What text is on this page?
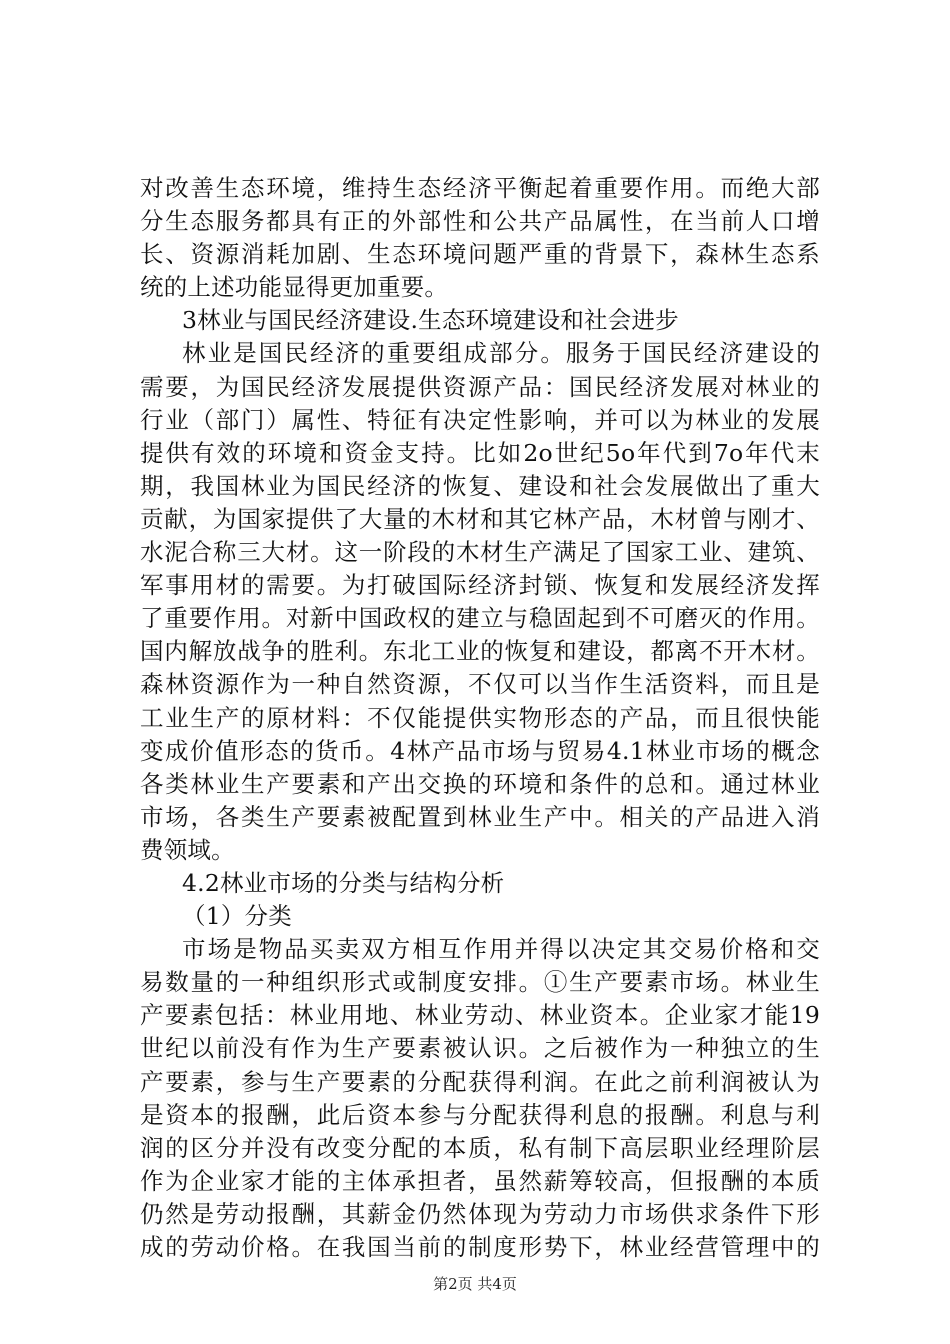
对改善生态环境，维持生态经济平衡起着重要作用。而绝大部
分生态服务都具有正的外部性和公共产品属性，在当前人口增
长、资源消耗加剧、生态环境问题严重的背景下，森林生态系
统的上述功能显得更加重要。
3林业与国民经济建设.生态环境建设和社会进步
林业是国民经济的重要组成部分。服务于国民经济建设的
需要，为国民经济发展提供资源产品：国民经济发展对林业的
行业（部门）属性、特征有决定性影响，并可以为林业的发展
提供有效的环境和资金支持。比如2o世纪5o年代到7o年代末
期，我国林业为国民经济的恢复、建设和社会发展做出了重大
贡献，为国家提供了大量的木材和其它林产品，木材曾与刚才、
水泥合称三大材。这一阶段的木材生产满足了国家工业、建筑、
军事用材的需要。为打破国际经济封锁、恢复和发展经济发挥
了重要作用。对新中国政权的建立与稳固起到不可磨灭的作用。
国内解放战争的胜利。东北工业的恢复和建设，都离不开木材。
森林资源作为一种自然资源，不仅可以当作生活资料，而且是
工业生产的原材料：不仅能提供实物形态的产品，而且很快能
变成价值形态的货币。4林产品市场与贸易4.1林业市场的概念
各类林业生产要素和产出交换的环境和条件的总和。通过林业
市场，各类生产要素被配置到林业生产中。相关的产品进入消
费领域。
4.2林业市场的分类与结构分析
（1）分类
市场是物品买卖双方相互作用并得以决定其交易价格和交
易数量的一种组织形式或制度安排。①生产要素市场。林业生
产要素包括：林业用地、林业劳动、林业资本。企业家才能19
世纪以前没有作为生产要素被认识。之后被作为一种独立的生
产要素，参与生产要素的分配获得利润。在此之前利润被认为
是资本的报酬，此后资本参与分配获得利息的报酬。利息与利
润的区分并没有改变分配的本质，私有制下高层职业经理阶层
作为企业家才能的主体承担者，虽然薪筹较高，但报酬的本质
仍然是劳动报酬，其薪金仍然体现为劳动力市场供求条件下形
成的劳动价格。在我国当前的制度形势下，林业经营管理中的
第2页 共4页
